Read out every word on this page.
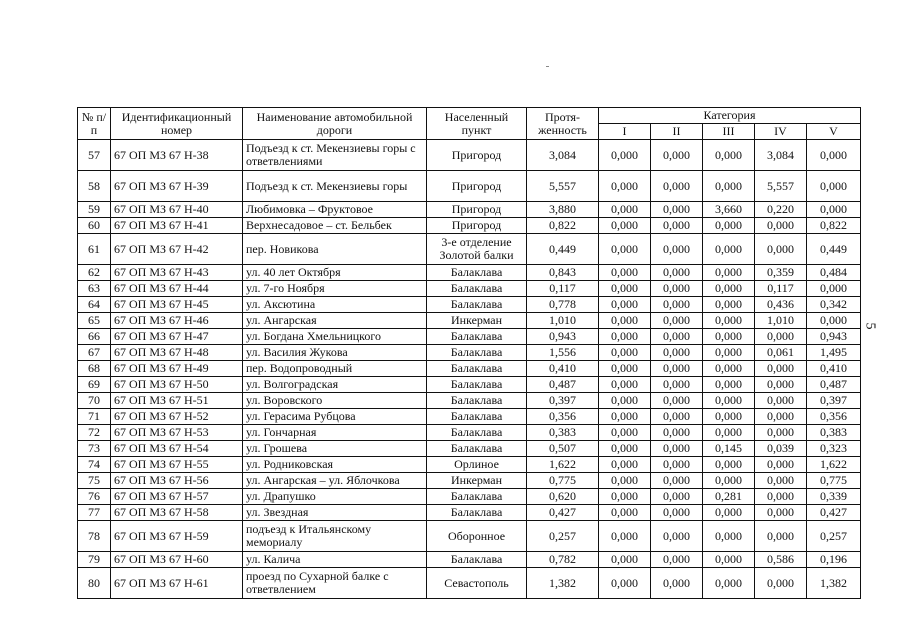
5
№ п/п	Идентификационный номер	Наименование автомобильной дороги	Населенный пункт	Протя- женность	Категория				
					I	II	III	IV	V
57	67 ОП МЗ 67 Н-38	Подъезд к ст. Мекензиевы горы с ответвлениями	Пригород	3,084	0,000	0,000	0,000	3,084	0,000
58	67 ОП МЗ 67 Н-39	Подъезд к ст. Мекензиевы горы	Пригород	5,557	0,000	0,000	0,000	5,557	0,000
59	67 ОП МЗ 67 Н-40	Любимовка – Фруктовое	Пригород	3,880	0,000	0,000	3,660	0,220	0,000
60	67 ОП МЗ 67 Н-41	Верхнесадовое – ст. Бельбек	Пригород	0,822	0,000	0,000	0,000	0,000	0,822
61	67 ОП МЗ 67 Н-42	пер. Новикова	3-е отделение Золотой балки	0,449	0,000	0,000	0,000	0,000	0,449
62	67 ОП МЗ 67 Н-43	ул. 40 лет Октября	Балаклава	0,843	0,000	0,000	0,000	0,359	0,484
63	67 ОП МЗ 67 Н-44	ул. 7-го Ноября	Балаклава	0,117	0,000	0,000	0,000	0,117	0,000
64	67 ОП МЗ 67 Н-45	ул. Аксютина	Балаклава	0,778	0,000	0,000	0,000	0,436	0,342
65	67 ОП МЗ 67 Н-46	ул. Ангарская	Инкерман	1,010	0,000	0,000	0,000	1,010	0,000
66	67 ОП МЗ 67 Н-47	ул. Богдана Хмельницкого	Балаклава	0,943	0,000	0,000	0,000	0,000	0,943
67	67 ОП МЗ 67 Н-48	ул. Василия Жукова	Балаклава	1,556	0,000	0,000	0,000	0,061	1,495
68	67 ОП МЗ 67 Н-49	пер. Водопроводный	Балаклава	0,410	0,000	0,000	0,000	0,000	0,410
69	67 ОП МЗ 67 Н-50	ул. Волгоградская	Балаклава	0,487	0,000	0,000	0,000	0,000	0,487
70	67 ОП МЗ 67 Н-51	ул. Воровского	Балаклава	0,397	0,000	0,000	0,000	0,000	0,397
71	67 ОП МЗ 67 Н-52	ул. Герасима Рубцова	Балаклава	0,356	0,000	0,000	0,000	0,000	0,356
72	67 ОП МЗ 67 Н-53	ул. Гончарная	Балаклава	0,383	0,000	0,000	0,000	0,000	0,383
73	67 ОП МЗ 67 Н-54	ул. Грошева	Балаклава	0,507	0,000	0,000	0,145	0,039	0,323
74	67 ОП МЗ 67 Н-55	ул. Родниковская	Орлиное	1,622	0,000	0,000	0,000	0,000	1,622
75	67 ОП МЗ 67 Н-56	ул. Ангарская – ул. Яблочкова	Инкерман	0,775	0,000	0,000	0,000	0,000	0,775
76	67 ОП МЗ 67 Н-57	ул. Драпушко	Балаклава	0,620	0,000	0,000	0,281	0,000	0,339
77	67 ОП МЗ 67 Н-58	ул. Звездная	Балаклава	0,427	0,000	0,000	0,000	0,000	0,427
78	67 ОП МЗ 67 Н-59	подъезд к Итальянскому мемориалу	Оборонное	0,257	0,000	0,000	0,000	0,000	0,257
79	67 ОП МЗ 67 Н-60	ул. Калича	Балаклава	0,782	0,000	0,000	0,000	0,586	0,196
80	67 ОП МЗ 67 Н-61	проезд по Сухарной балке с ответвлением	Севастополь	1,382	0,000	0,000	0,000	0,000	1,382
